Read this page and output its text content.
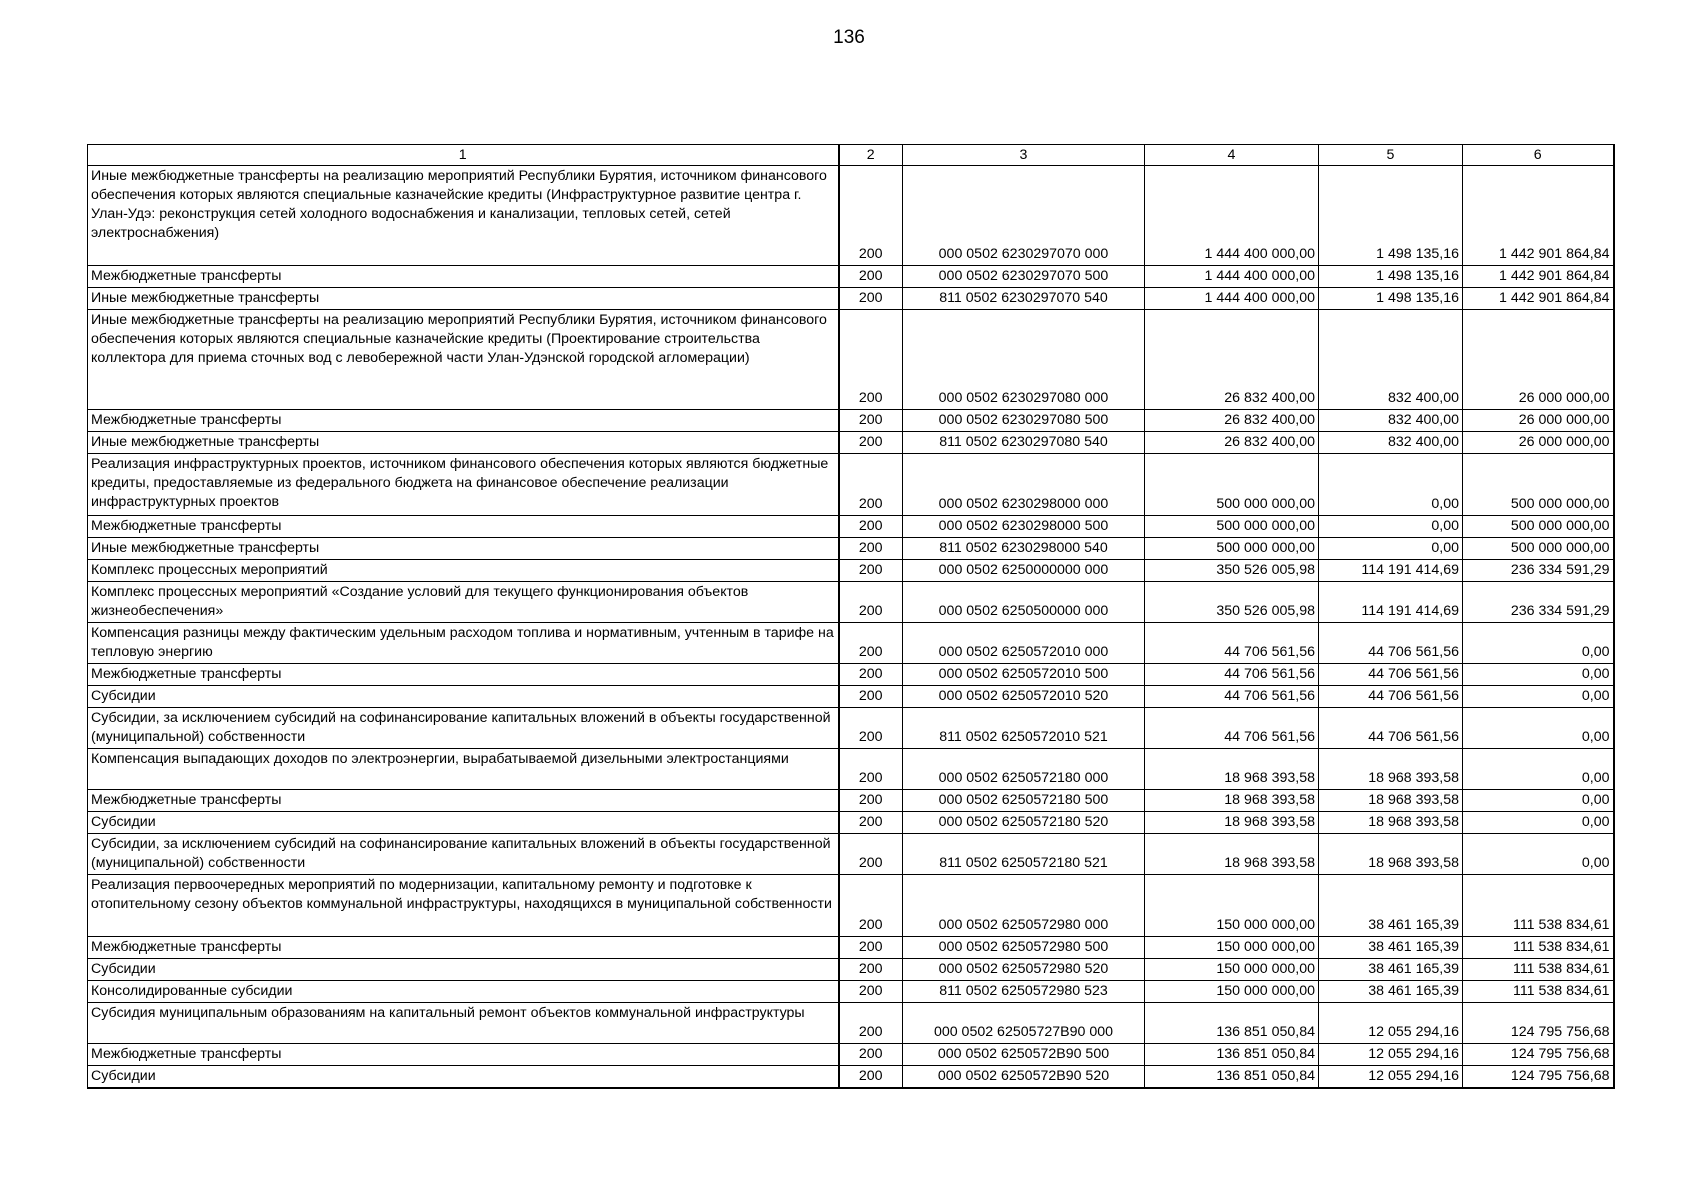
136
1	2	3	4	5	6
Иные межбюджетные трансферты на реализацию мероприятий Республики Бурятия, источником финансового обеспечения которых являются специальные казначейские кредиты (Инфраструктурное развитие центра г. Улан-Удэ: реконструкция сетей холодного водоснабжения и канализации, тепловых сетей, сетей электроснабжения)	200	000 0502 6230297070 000	1 444 400 000,00	1 498 135,16	1 442 901 864,84
Межбюджетные трансферты	200	000 0502 6230297070 500	1 444 400 000,00	1 498 135,16	1 442 901 864,84
Иные межбюджетные трансферты	200	811 0502 6230297070 540	1 444 400 000,00	1 498 135,16	1 442 901 864,84
Иные межбюджетные трансферты на реализацию мероприятий Республики Бурятия, источником финансового обеспечения которых являются специальные казначейские кредиты (Проектирование строительства коллектора для приема сточных вод с левобережной части Улан-Удэнской городской агломерации)	200	000 0502 6230297080 000	26 832 400,00	832 400,00	26 000 000,00
Межбюджетные трансферты	200	000 0502 6230297080 500	26 832 400,00	832 400,00	26 000 000,00
Иные межбюджетные трансферты	200	811 0502 6230297080 540	26 832 400,00	832 400,00	26 000 000,00
Реализация инфраструктурных проектов, источником финансового обеспечения которых являются бюджетные кредиты, предоставляемые из федерального бюджета на финансовое обеспечение реализации инфраструктурных проектов	200	000 0502 6230298000 000	500 000 000,00	0,00	500 000 000,00
Межбюджетные трансферты	200	000 0502 6230298000 500	500 000 000,00	0,00	500 000 000,00
Иные межбюджетные трансферты	200	811 0502 6230298000 540	500 000 000,00	0,00	500 000 000,00
Комплекс процессных мероприятий	200	000 0502 6250000000 000	350 526 005,98	114 191 414,69	236 334 591,29
Комплекс процессных мероприятий «Создание условий для текущего функционирования объектов жизнеобеспечения»	200	000 0502 6250500000 000	350 526 005,98	114 191 414,69	236 334 591,29
Компенсация разницы между фактическим удельным расходом топлива и нормативным, учтенным в тарифе на тепловую энергию	200	000 0502 6250572010 000	44 706 561,56	44 706 561,56	0,00
Межбюджетные трансферты	200	000 0502 6250572010 500	44 706 561,56	44 706 561,56	0,00
Субсидии	200	000 0502 6250572010 520	44 706 561,56	44 706 561,56	0,00
Субсидии, за исключением субсидий на софинансирование капитальных вложений в объекты государственной (муниципальной) собственности	200	811 0502 6250572010 521	44 706 561,56	44 706 561,56	0,00
Компенсация выпадающих доходов по электроэнергии, вырабатываемой дизельными электростанциями	200	000 0502 6250572180 000	18 968 393,58	18 968 393,58	0,00
Межбюджетные трансферты	200	000 0502 6250572180 500	18 968 393,58	18 968 393,58	0,00
Субсидии	200	000 0502 6250572180 520	18 968 393,58	18 968 393,58	0,00
Субсидии, за исключением субсидий на софинансирование капитальных вложений в объекты государственной (муниципальной) собственности	200	811 0502 6250572180 521	18 968 393,58	18 968 393,58	0,00
Реализация первоочередных мероприятий по модернизации, капитальному ремонту и подготовке к отопительному сезону объектов коммунальной инфраструктуры, находящихся в муниципальной собственности	200	000 0502 6250572980 000	150 000 000,00	38 461 165,39	111 538 834,61
Межбюджетные трансферты	200	000 0502 6250572980 500	150 000 000,00	38 461 165,39	111 538 834,61
Субсидии	200	000 0502 6250572980 520	150 000 000,00	38 461 165,39	111 538 834,61
Консолидированные субсидии	200	811 0502 6250572980 523	150 000 000,00	38 461 165,39	111 538 834,61
Субсидия муниципальным образованиям на капитальный ремонт объектов коммунальной инфраструктуры	200	000 0502 62505727В90 000	136 851 050,84	12 055 294,16	124 795 756,68
Межбюджетные трансферты	200	000 0502 6250572В90 500	136 851 050,84	12 055 294,16	124 795 756,68
Субсидии	200	000 0502 6250572В90 520	136 851 050,84	12 055 294,16	124 795 756,68
